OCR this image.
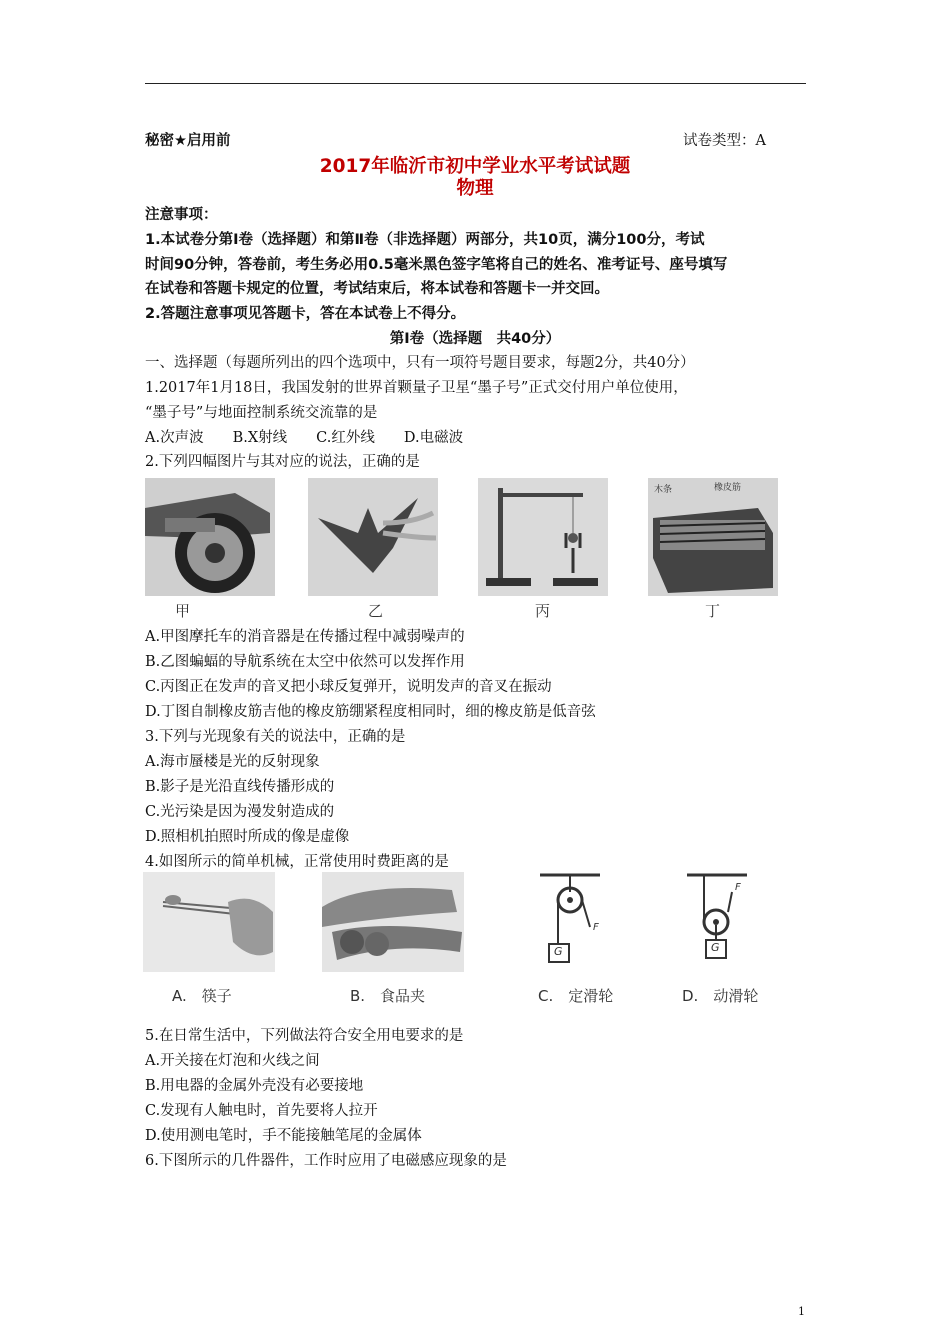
秘密★启用前	试卷类型：A
2017年临沂市初中学业水平考试试题
物理
注意事项：
1.本试卷分第Ⅰ卷（选择题）和第Ⅱ卷（非选择题）两部分，共10页，满分100分，考试
时间90分钟，答卷前，考生务必用0.5毫米黑色签字笔将自己的姓名、准考证号、座号填写
在试卷和答题卡规定的位置，考试结束后，将本试卷和答题卡一并交回。
2.答题注意事项见答题卡，答在本试卷上不得分。
第Ⅰ卷（选择题　共40分）
一、选择题（每题所列出的四个选项中，只有一项符号题目要求，每题2分，共40分）
1.2017年1月18日，我国发射的世界首颗量子卫星“墨子号”正式交付用户单位使用，
“墨子号”与地面控制系统交流靠的是
A.次声波　　B.X射线　　C.红外线　　D.电磁波
2.下列四幅图片与其对应的说法，正确的是
木条	橡皮筋
甲	乙	丙	丁
A.甲图摩托车的消音器是在传播过程中减弱噪声的
B.乙图蝙蝠的导航系统在太空中依然可以发挥作用
C.丙图正在发声的音叉把小球反复弹开，说明发声的音叉在振动
D.丁图自制橡皮筋吉他的橡皮筋绷紧程度相同时，细的橡皮筋是低音弦
3.下列与光现象有关的说法中，正确的是
A.海市蜃楼是光的反射现象
B.影子是光沿直线传播形成的
C.光污染是因为漫发射造成的
D.照相机拍照时所成的像是虚像
4.如图所示的简单机械，正常使用时费距离的是
G
F
G
F
A.　筷子	B.　食品夹	C.　定滑轮	D.　动滑轮
5.在日常生活中，下列做法符合安全用电要求的是
A.开关接在灯泡和火线之间
B.用电器的金属外壳没有必要接地
C.发现有人触电时，首先要将人拉开
D.使用测电笔时，手不能接触笔尾的金属体
6.下图所示的几件器件，工作时应用了电磁感应现象的是
1
